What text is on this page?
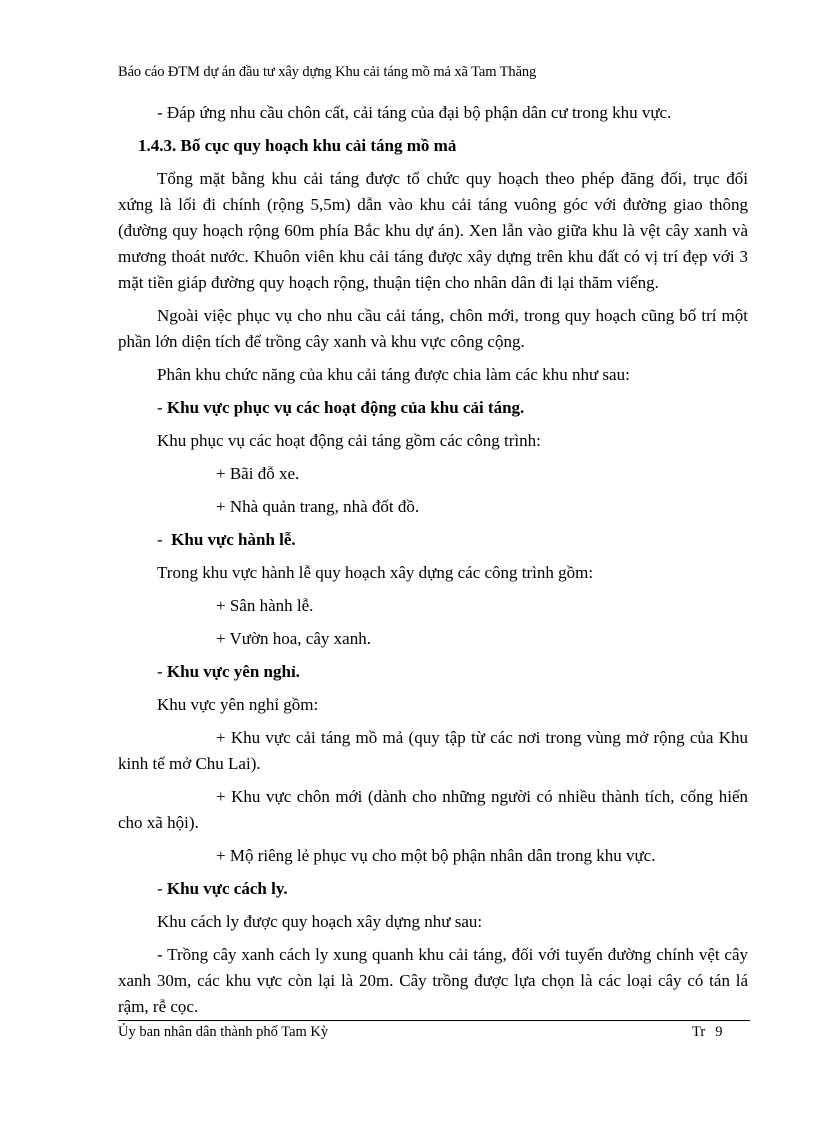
Báo cáo ĐTM dự án đầu tư xây dựng Khu cải táng mồ mả xã Tam Thăng

- Đáp ứng nhu cầu chôn cất, cải táng của đại bộ phận dân cư trong khu vực.

1.4.3. Bố cục quy hoạch khu cải táng mồ mả

Tổng mặt bằng khu cải táng được tổ chức quy hoạch theo phép đăng đối, trục đối xứng là lối đi chính (rộng 5,5m) dẫn vào khu cải táng vuông góc với đường giao thông (đường quy hoạch rộng 60m phía Bắc khu dự án). Xen lẫn vào giữa khu là vệt cây xanh và mương thoát nước. Khuôn viên khu cải táng được xây dựng trên khu đất có vị trí đẹp với 3 mặt tiền giáp đường quy hoạch rộng, thuận tiện cho nhân dân đi lại thăm viếng.

Ngoài việc phục vụ cho nhu cầu cải táng, chôn mới, trong quy hoạch cũng bố trí một phần lớn diện tích để trồng cây xanh và khu vực công cộng.

Phân khu chức năng của khu cải táng được chia làm các khu như sau:

- Khu vực phục vụ các hoạt động của khu cải táng.

Khu phục vụ các hoạt động cải táng gồm các công trình:

+ Bãi đỗ xe.

+ Nhà quản trang, nhà đốt đồ.

-  Khu vực hành lễ.

Trong khu vực hành lễ quy hoạch xây dựng các công trình gồm:

+ Sân hành lễ.

+ Vườn hoa, cây xanh.

- Khu vực yên nghỉ.

Khu vực yên nghỉ gồm:

+ Khu vực cải táng mồ mả (quy tập từ các nơi trong vùng mở rộng của Khu kinh tế mở Chu Lai).

+ Khu vực chôn mới (dành cho những người có nhiều thành tích, cống hiến cho xã hội).

+ Mộ riêng lẻ phục vụ cho một bộ phận nhân dân trong khu vực.

- Khu vực cách ly.

Khu cách ly được quy hoạch xây dựng như sau:

- Trồng cây xanh cách ly xung quanh khu cải táng, đối với tuyến đường chính vệt cây xanh 30m, các khu vực còn lại là 20m. Cây trồng được lựa chọn là các loại cây có tán lá rậm, rễ cọc.

Ủy ban nhân dân thành phố Tam Kỳ	Tr 9
